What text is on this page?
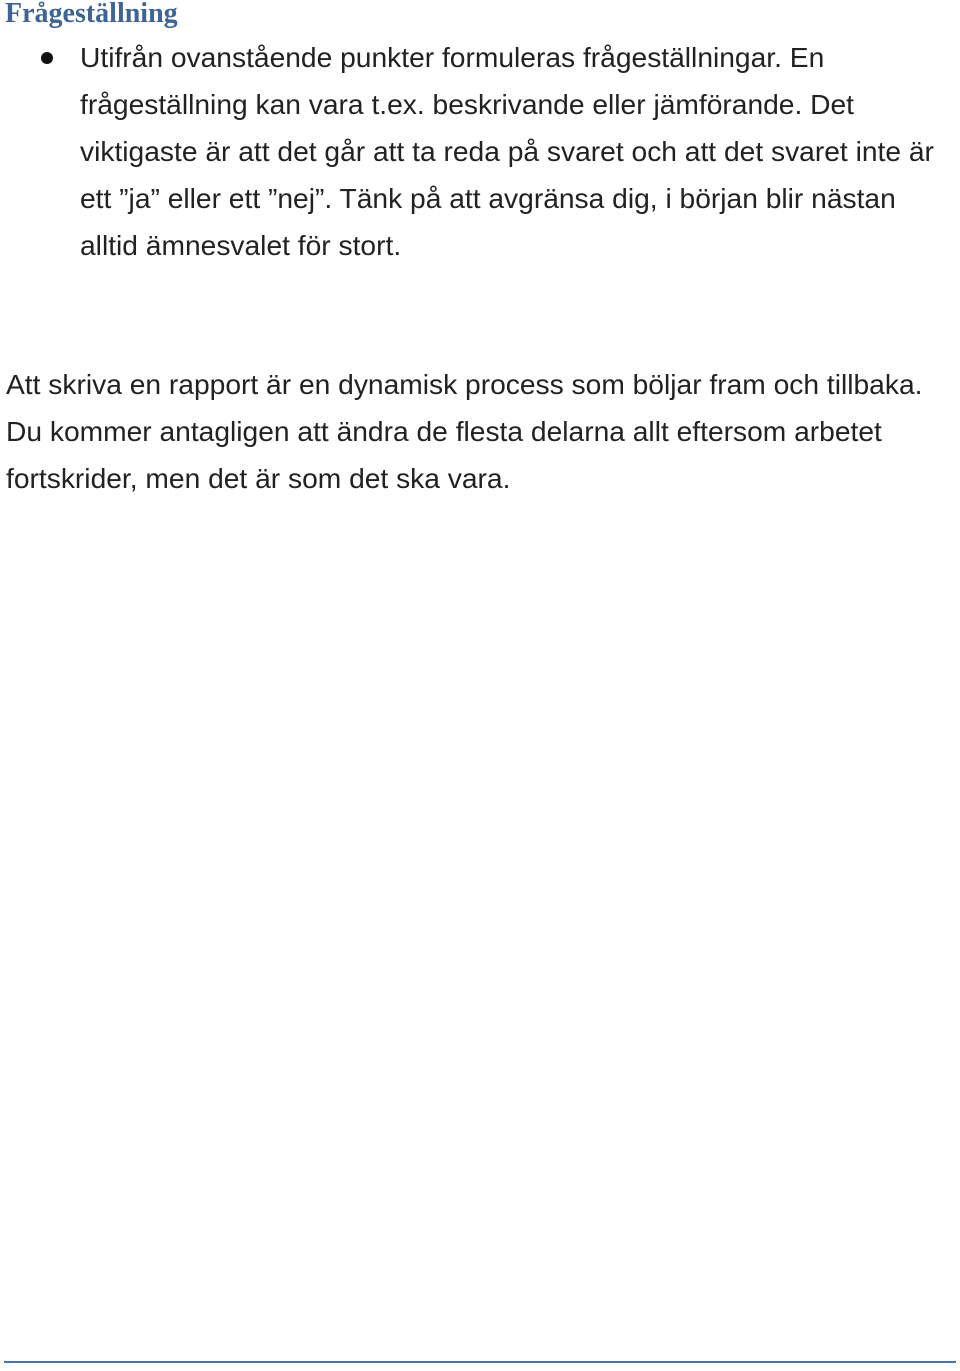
Frågeställning
Utifrån ovanstående punkter formuleras frågeställningar. En frågeställning kan vara t.ex. beskrivande eller jämförande. Det viktigaste är att det går att ta reda på svaret och att det svaret inte är ett ”ja” eller ett ”nej”. Tänk på att avgränsa dig, i början blir nästan alltid ämnesvalet för stort.

Att skriva en rapport är en dynamisk process som böljar fram och tillbaka. Du kommer antagligen att ändra de flesta delarna allt eftersom arbetet fortskrider, men det är som det ska vara.
